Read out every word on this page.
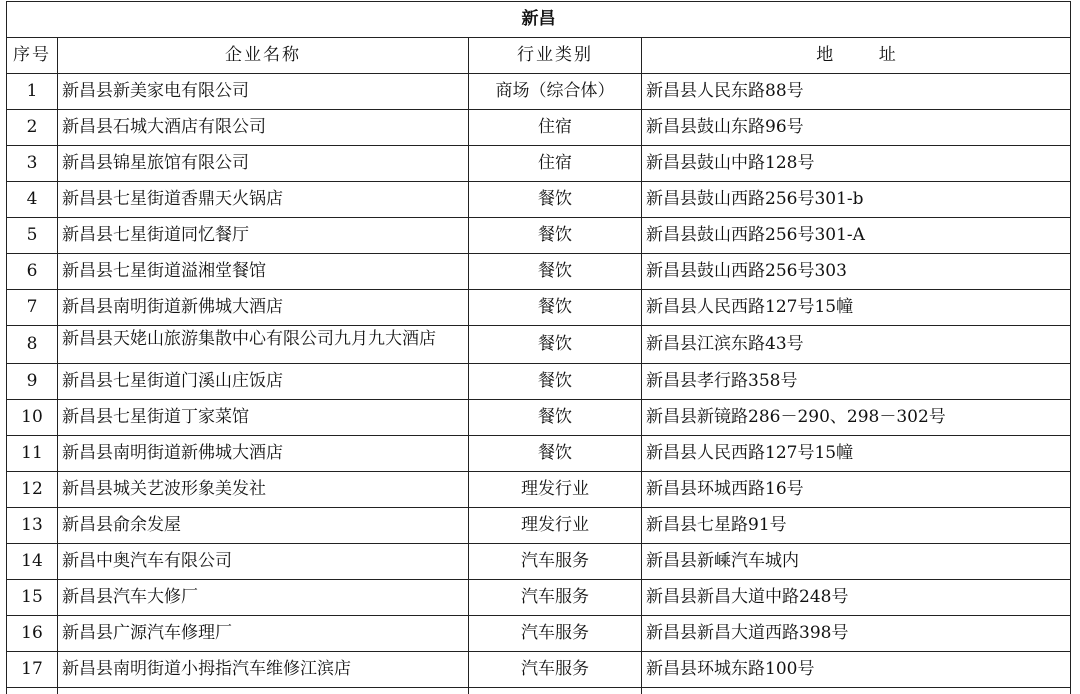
新昌			
序号	企业名称	行业类别	地 址
1	新昌县新美家电有限公司	商场（综合体）	新昌县人民东路88号
2	新昌县石城大酒店有限公司	住宿	新昌县鼓山东路96号
3	新昌县锦星旅馆有限公司	住宿	新昌县鼓山中路128号
4	新昌县七星街道香鼎天火锅店	餐饮	新昌县鼓山西路256号301-b
5	新昌县七星街道同忆餐厅	餐饮	新昌县鼓山西路256号301-A
6	新昌县七星街道溢湘堂餐馆	餐饮	新昌县鼓山西路256号303
7	新昌县南明街道新佛城大酒店	餐饮	新昌县人民西路127号15幢
8	新昌县天姥山旅游集散中心有限公司九月九大酒店	餐饮	新昌县江滨东路43号
9	新昌县七星街道门溪山庄饭店	餐饮	新昌县孝行路358号
10	新昌县七星街道丁家菜馆	餐饮	新昌县新镜路286－290、298－302号
11	新昌县南明街道新佛城大酒店	餐饮	新昌县人民西路127号15幢
12	新昌县城关艺波形象美发社	理发行业	新昌县环城西路16号
13	新昌县俞余发屋	理发行业	新昌县七星路91号
14	新昌中奥汽车有限公司	汽车服务	新昌县新嵊汽车城内
15	新昌县汽车大修厂	汽车服务	新昌县新昌大道中路248号
16	新昌县广源汽车修理厂	汽车服务	新昌县新昌大道西路398号
17	新昌县南明街道小拇指汽车维修江滨店	汽车服务	新昌县环城东路100号
